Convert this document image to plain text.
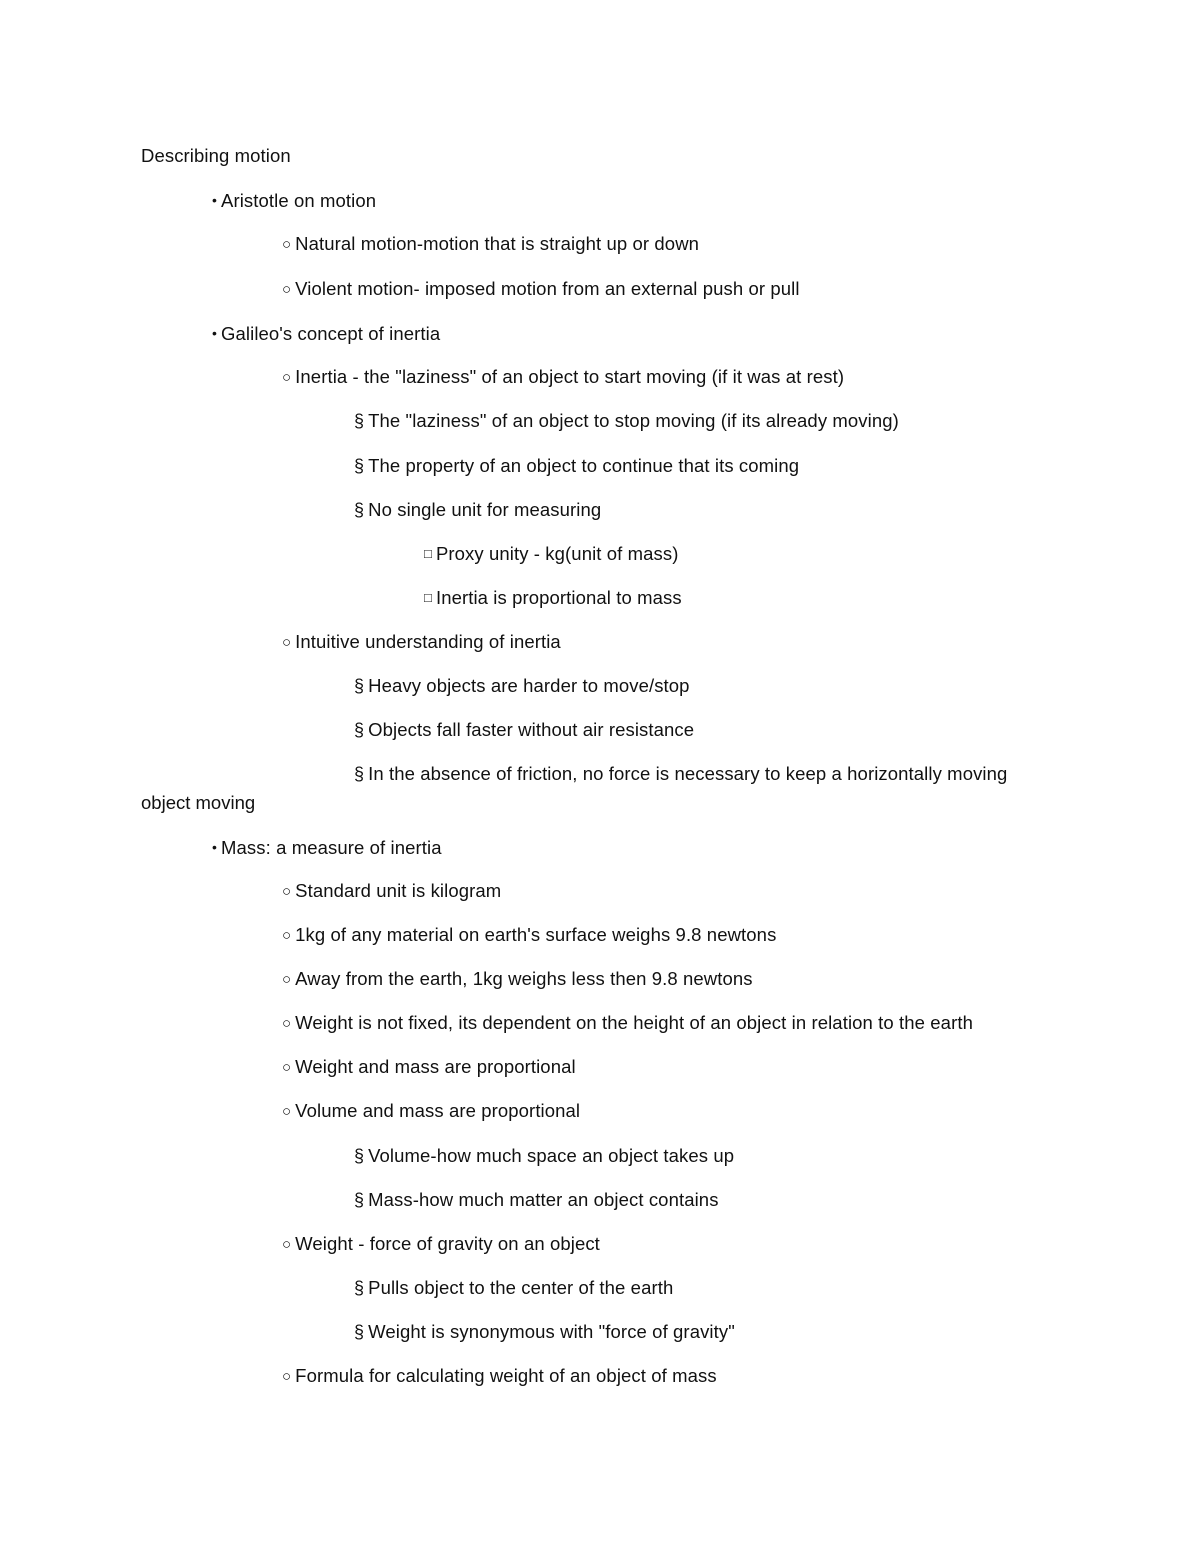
Describing motion
• Aristotle on motion
○ Natural motion-motion that is straight up or down
○ Violent motion- imposed motion from an external push or pull
• Galileo's concept of inertia
○ Inertia - the "laziness" of an object to start moving (if it was at rest)
§ The "laziness" of an object to stop moving (if its already moving)
§ The property of an object to continue that its coming
§ No single unit for measuring
□ Proxy unity - kg(unit of mass)
□ Inertia is proportional to mass
○ Intuitive understanding of inertia
§ Heavy objects are harder to move/stop
§ Objects fall faster without air resistance
§ In the absence of friction, no force is necessary to keep a horizontally moving
object moving
• Mass: a measure of inertia
○ Standard unit is kilogram
○ 1kg of any material on earth's surface weighs 9.8 newtons
○ Away from the earth, 1kg weighs less then 9.8 newtons
○ Weight is not fixed, its dependent on the height of an object in relation to the earth
○ Weight and mass are proportional
○ Volume and mass are proportional
§ Volume-how much space an object takes up
§ Mass-how much matter an object contains
○ Weight - force of gravity on an object
§ Pulls object to the center of the earth
§ Weight is synonymous with "force of gravity"
○ Formula for calculating weight of an object of mass
